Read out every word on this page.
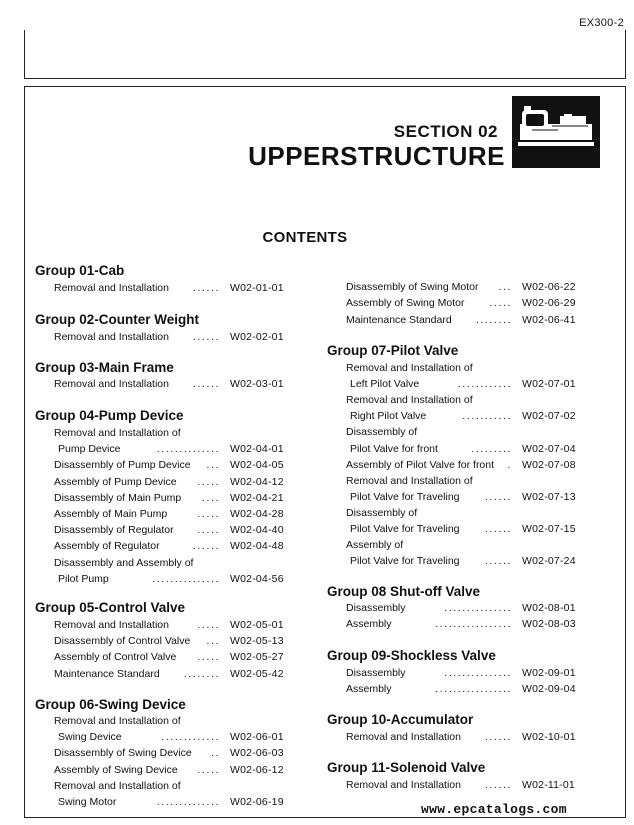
EX300-2
SECTION 02
UPPERSTRUCTURE
CONTENTS
Group 01-Cab
Removal and Installation ...... W02-01-01
Group 02-Counter Weight
Removal and Installation ...... W02-02-01
Group 03-Main Frame
Removal and Installation ...... W02-03-01
Group 04-Pump Device
Removal and Installation of
Pump Device	.............. W02-04-01
Disassembly of Pump Device ... W02-04-05
Assembly of Pump Device ..... W02-04-12
Disassembly of Main Pump .... W02-04-21
Assembly of Main Pump	..... W02-04-28
Disassembly of Regulator ..... W02-04-40
Assembly of Regulator	...... W02-04-48
Disassembly and Assembly of
Pilot Pump	............... W02-04-56
Group 05-Control Valve
Removal and Installation	..... W02-05-01
Disassembly of Control Valve ... W02-05-13
Assembly of Control Valve ..... W02-05-27
Maintenance Standard ........ W02-05-42
Group 06-Swing Device
Removal and Installation of
Swing Device	............. W02-06-01
Disassembly of Swing Device .. W02-06-03
Assembly of Swing Device ..... W02-06-12
Removal and Installation of
Swing Motor	.............. W02-06-19
Disassembly of Swing Motor ... W02-06-22
Assembly of Swing Motor ..... W02-06-29
Maintenance Standard ........ W02-06-41
Group 07-Pilot Valve
Removal and Installation of
Left Pilot Valve	............ W02-07-01
Removal and Installation of
Right Pilot Valve	........... W02-07-02
Disassembly of
Pilot Valve for front	......... W02-07-04
Assembly of Pilot Valve for front . W02-07-08
Removal and Installation of
Pilot Valve for Traveling ...... W02-07-13
Disassembly of
Pilot Valve for Traveling ...... W02-07-15
Assembly of
Pilot Valve for Traveling ...... W02-07-24
Group 08 Shut-off Valve
Disassembly	............... W02-08-01
Assembly	................. W02-08-03
Group 09-Shockless Valve
Disassembly	............... W02-09-01
Assembly	................. W02-09-04
Group 10-Accumulator
Removal and Installation ...... W02-10-01
Group 11-Solenoid Valve
Removal and Installation ...... W02-11-01
www.epcatalogs.com
